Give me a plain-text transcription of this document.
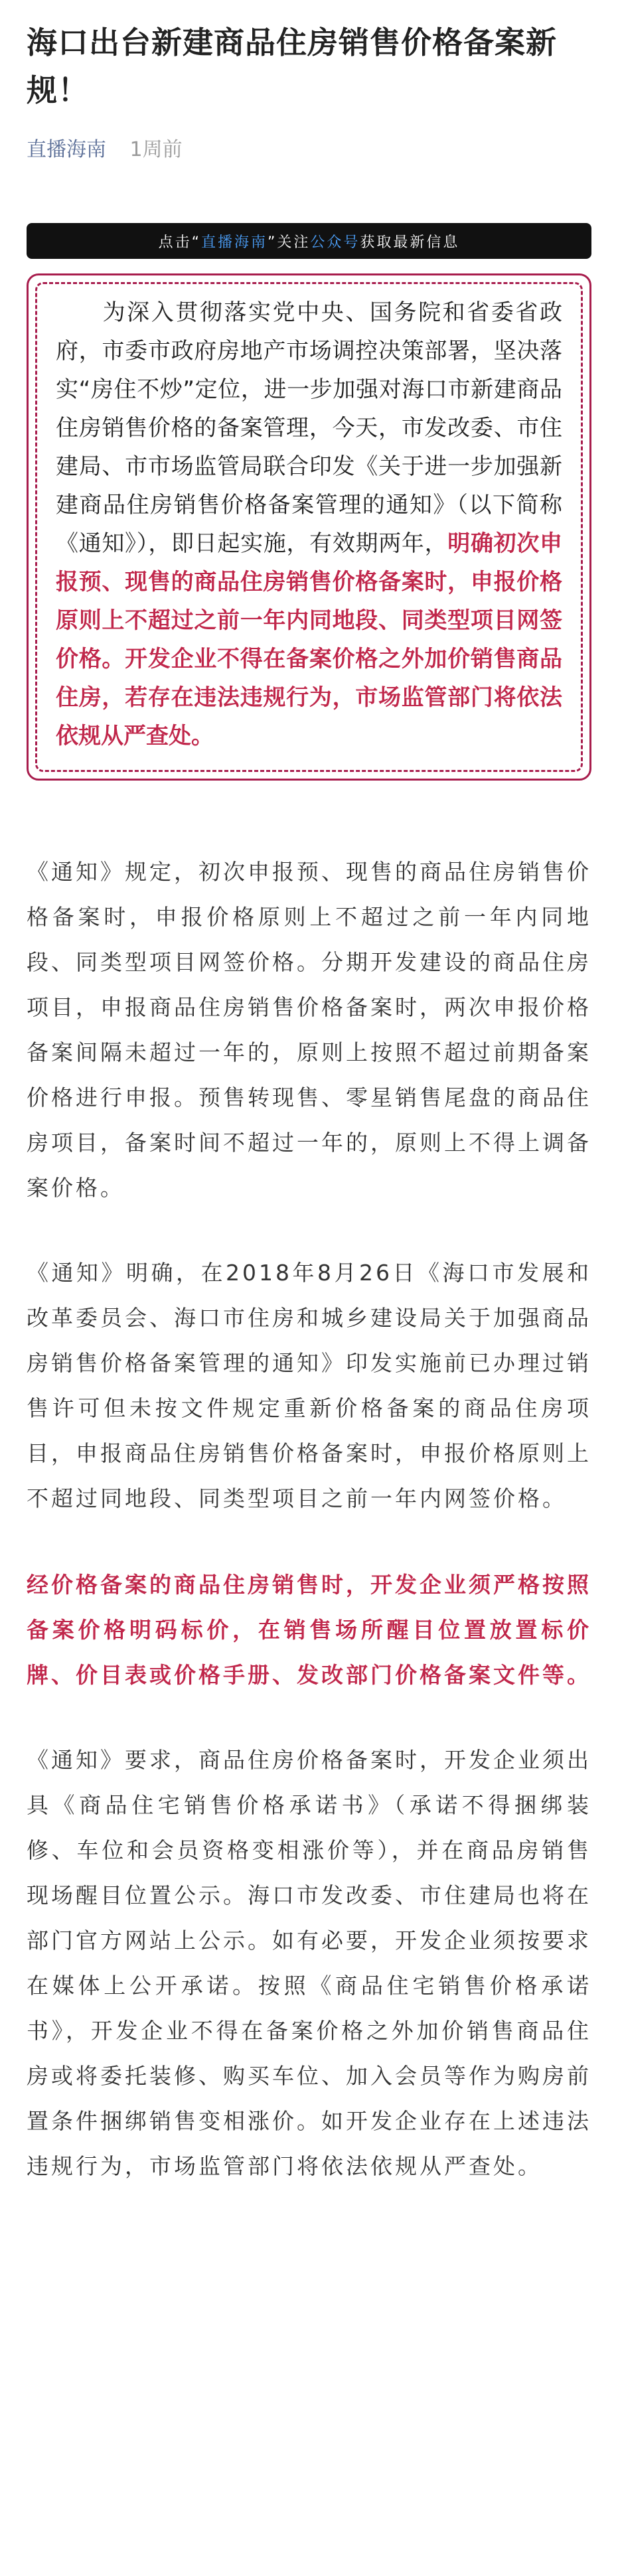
海口出台新建商品住房销售价格备案新规！
直播海南 1周前
点击“ 直播海南 ”关注 公众号 获取最新信息
为深入贯彻落实党中央、国务院和省委省政府，市委市政府房地产市场调控决策部署，坚决落实“房住不炒”定位，进一步加强对海口市新建商品住房销售价格的备案管理，今天，市发改委、市住建局、市市场监管局联合印发《关于进一步加强新建商品住房销售价格备案管理的通知》（以下简称《通知》），即日起实施，有效期两年，明确初次申报预、现售的商品住房销售价格备案时，申报价格原则上不超过之前一年内同地段、同类型项目网签价格。开发企业不得在备案价格之外加价销售商品住房，若存在违法违规行为，市场监管部门将依法依规从严查处。

《通知》规定，初次申报预、现售的商品住房销售价格备案时，申报价格原则上不超过之前一年内同地段、同类型项目网签价格。分期开发建设的商品住房项目，申报商品住房销售价格备案时，两次申报价格备案间隔未超过一年的，原则上按照不超过前期备案价格进行申报。预售转现售、零星销售尾盘的商品住房项目，备案时间不超过一年的，原则上不得上调备案价格。

《通知》明确，在2018年8月26日《海口市发展和改革委员会、海口市住房和城乡建设局关于加强商品房销售价格备案管理的通知》印发实施前已办理过销售许可但未按文件规定重新价格备案的商品住房项目，申报商品住房销售价格备案时，申报价格原则上不超过同地段、同类型项目之前一年内网签价格。

经价格备案的商品住房销售时，开发企业须严格按照备案价格明码标价，在销售场所醒目位置放置标价牌、价目表或价格手册、发改部门价格备案文件等。

《通知》要求，商品住房价格备案时，开发企业须出具《商品住宅销售价格承诺书》（承诺不得捆绑装修、车位和会员资格变相涨价等），并在商品房销售现场醒目位置公示。海口市发改委、市住建局也将在部门官方网站上公示。如有必要，开发企业须按要求在媒体上公开承诺。按照《商品住宅销售价格承诺书》，开发企业不得在备案价格之外加价销售商品住房或将委托装修、购买车位、加入会员等作为购房前置条件捆绑销售变相涨价。如开发企业存在上述违法违规行为，市场监管部门将依法依规从严查处。
